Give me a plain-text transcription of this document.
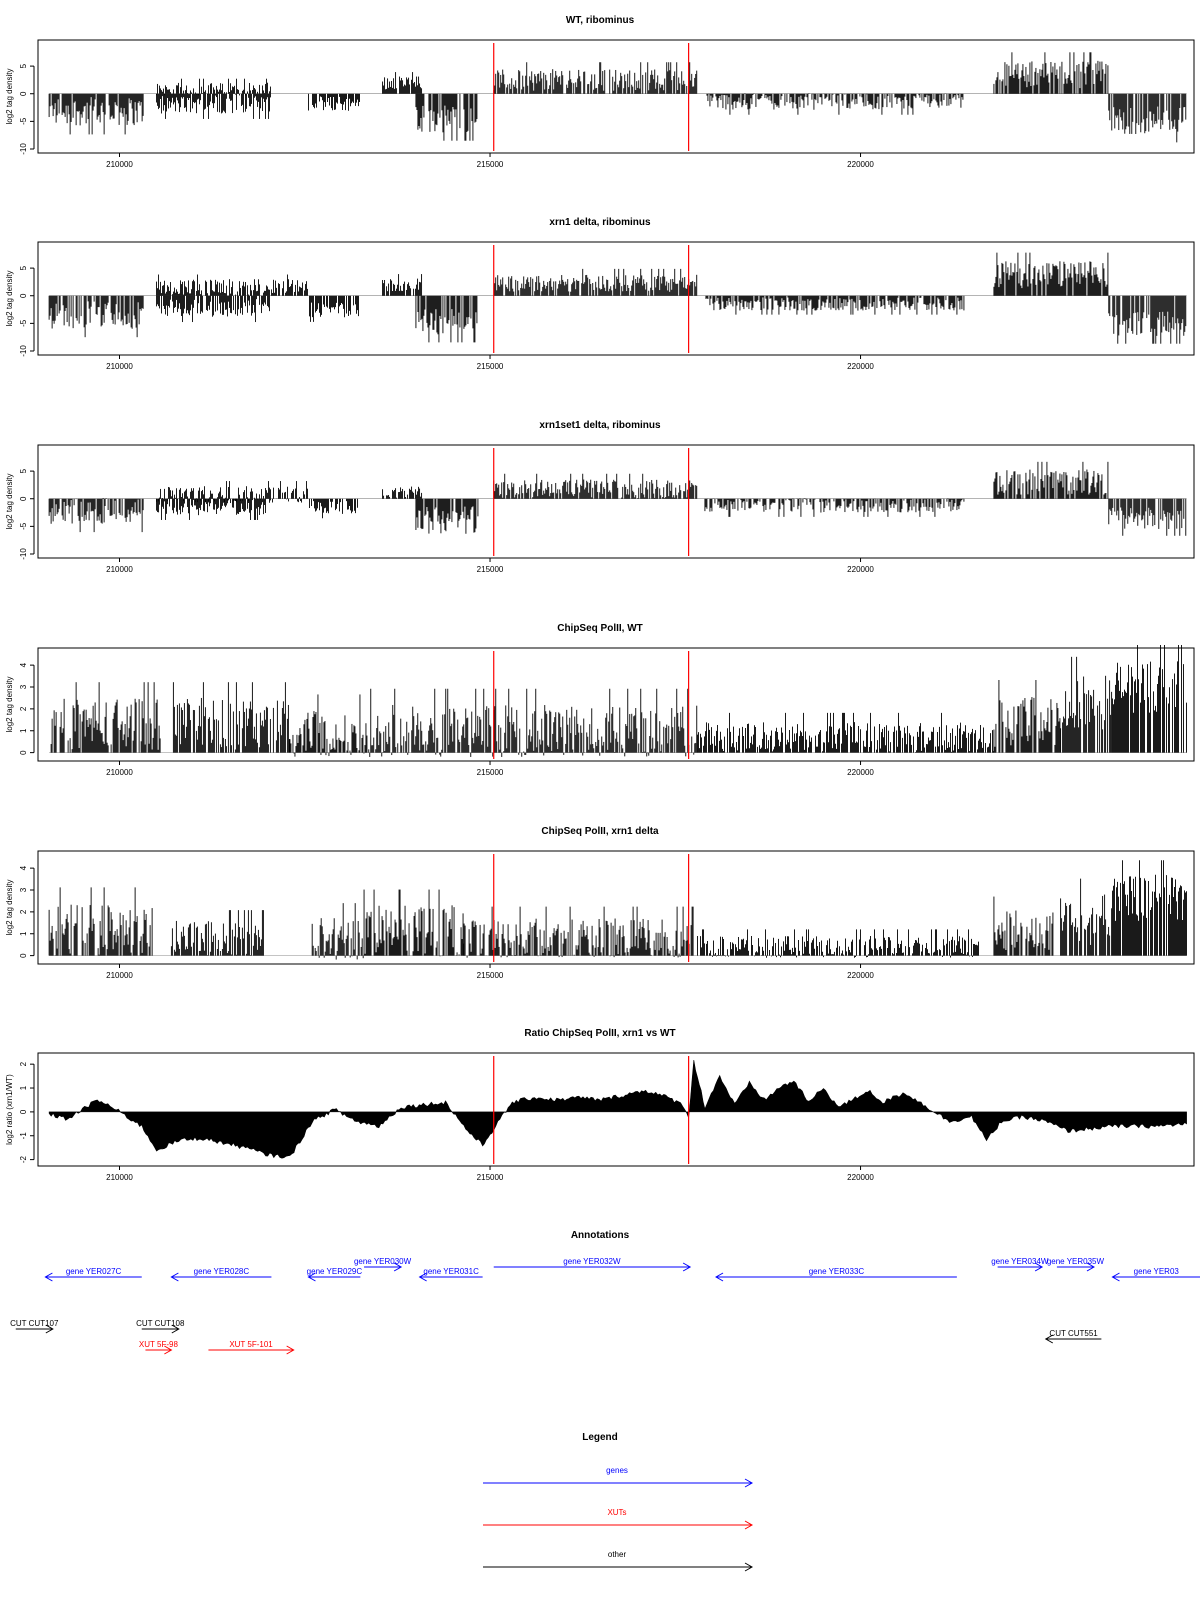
WT, ribominus
log2 tag density
-10
-5
0
5
210000	215000	220000
xrn1 delta, ribominus
log2 tag density
-10
-5
0
5
210000	215000	220000
xrn1set1 delta, ribominus
log2 tag density
-10
-5
0
5
210000	215000	220000
ChipSeq PolII, WT
log2 tag density
0
1
2
3
4
210000	215000	220000
ChipSeq PolII, xrn1 delta
log2 tag density
0
1
2
3
4
210000	215000	220000
Ratio ChipSeq PolII, xrn1 vs WT
log2 ratio (xrn1/WT)
-2
-1
0
1
2
210000	215000	220000
Annotations
gene YER027C	gene YER028C	gene YER029C
gene YER030W
gene YER031C
gene YER032W
gene YER033C
gene YER034W
gene YER035W
gene YER03
CUT CUT107	CUT CUT108
CUT CUT551
XUT 5F-98	XUT 5F-101
Legend
genes
XUTs
other
